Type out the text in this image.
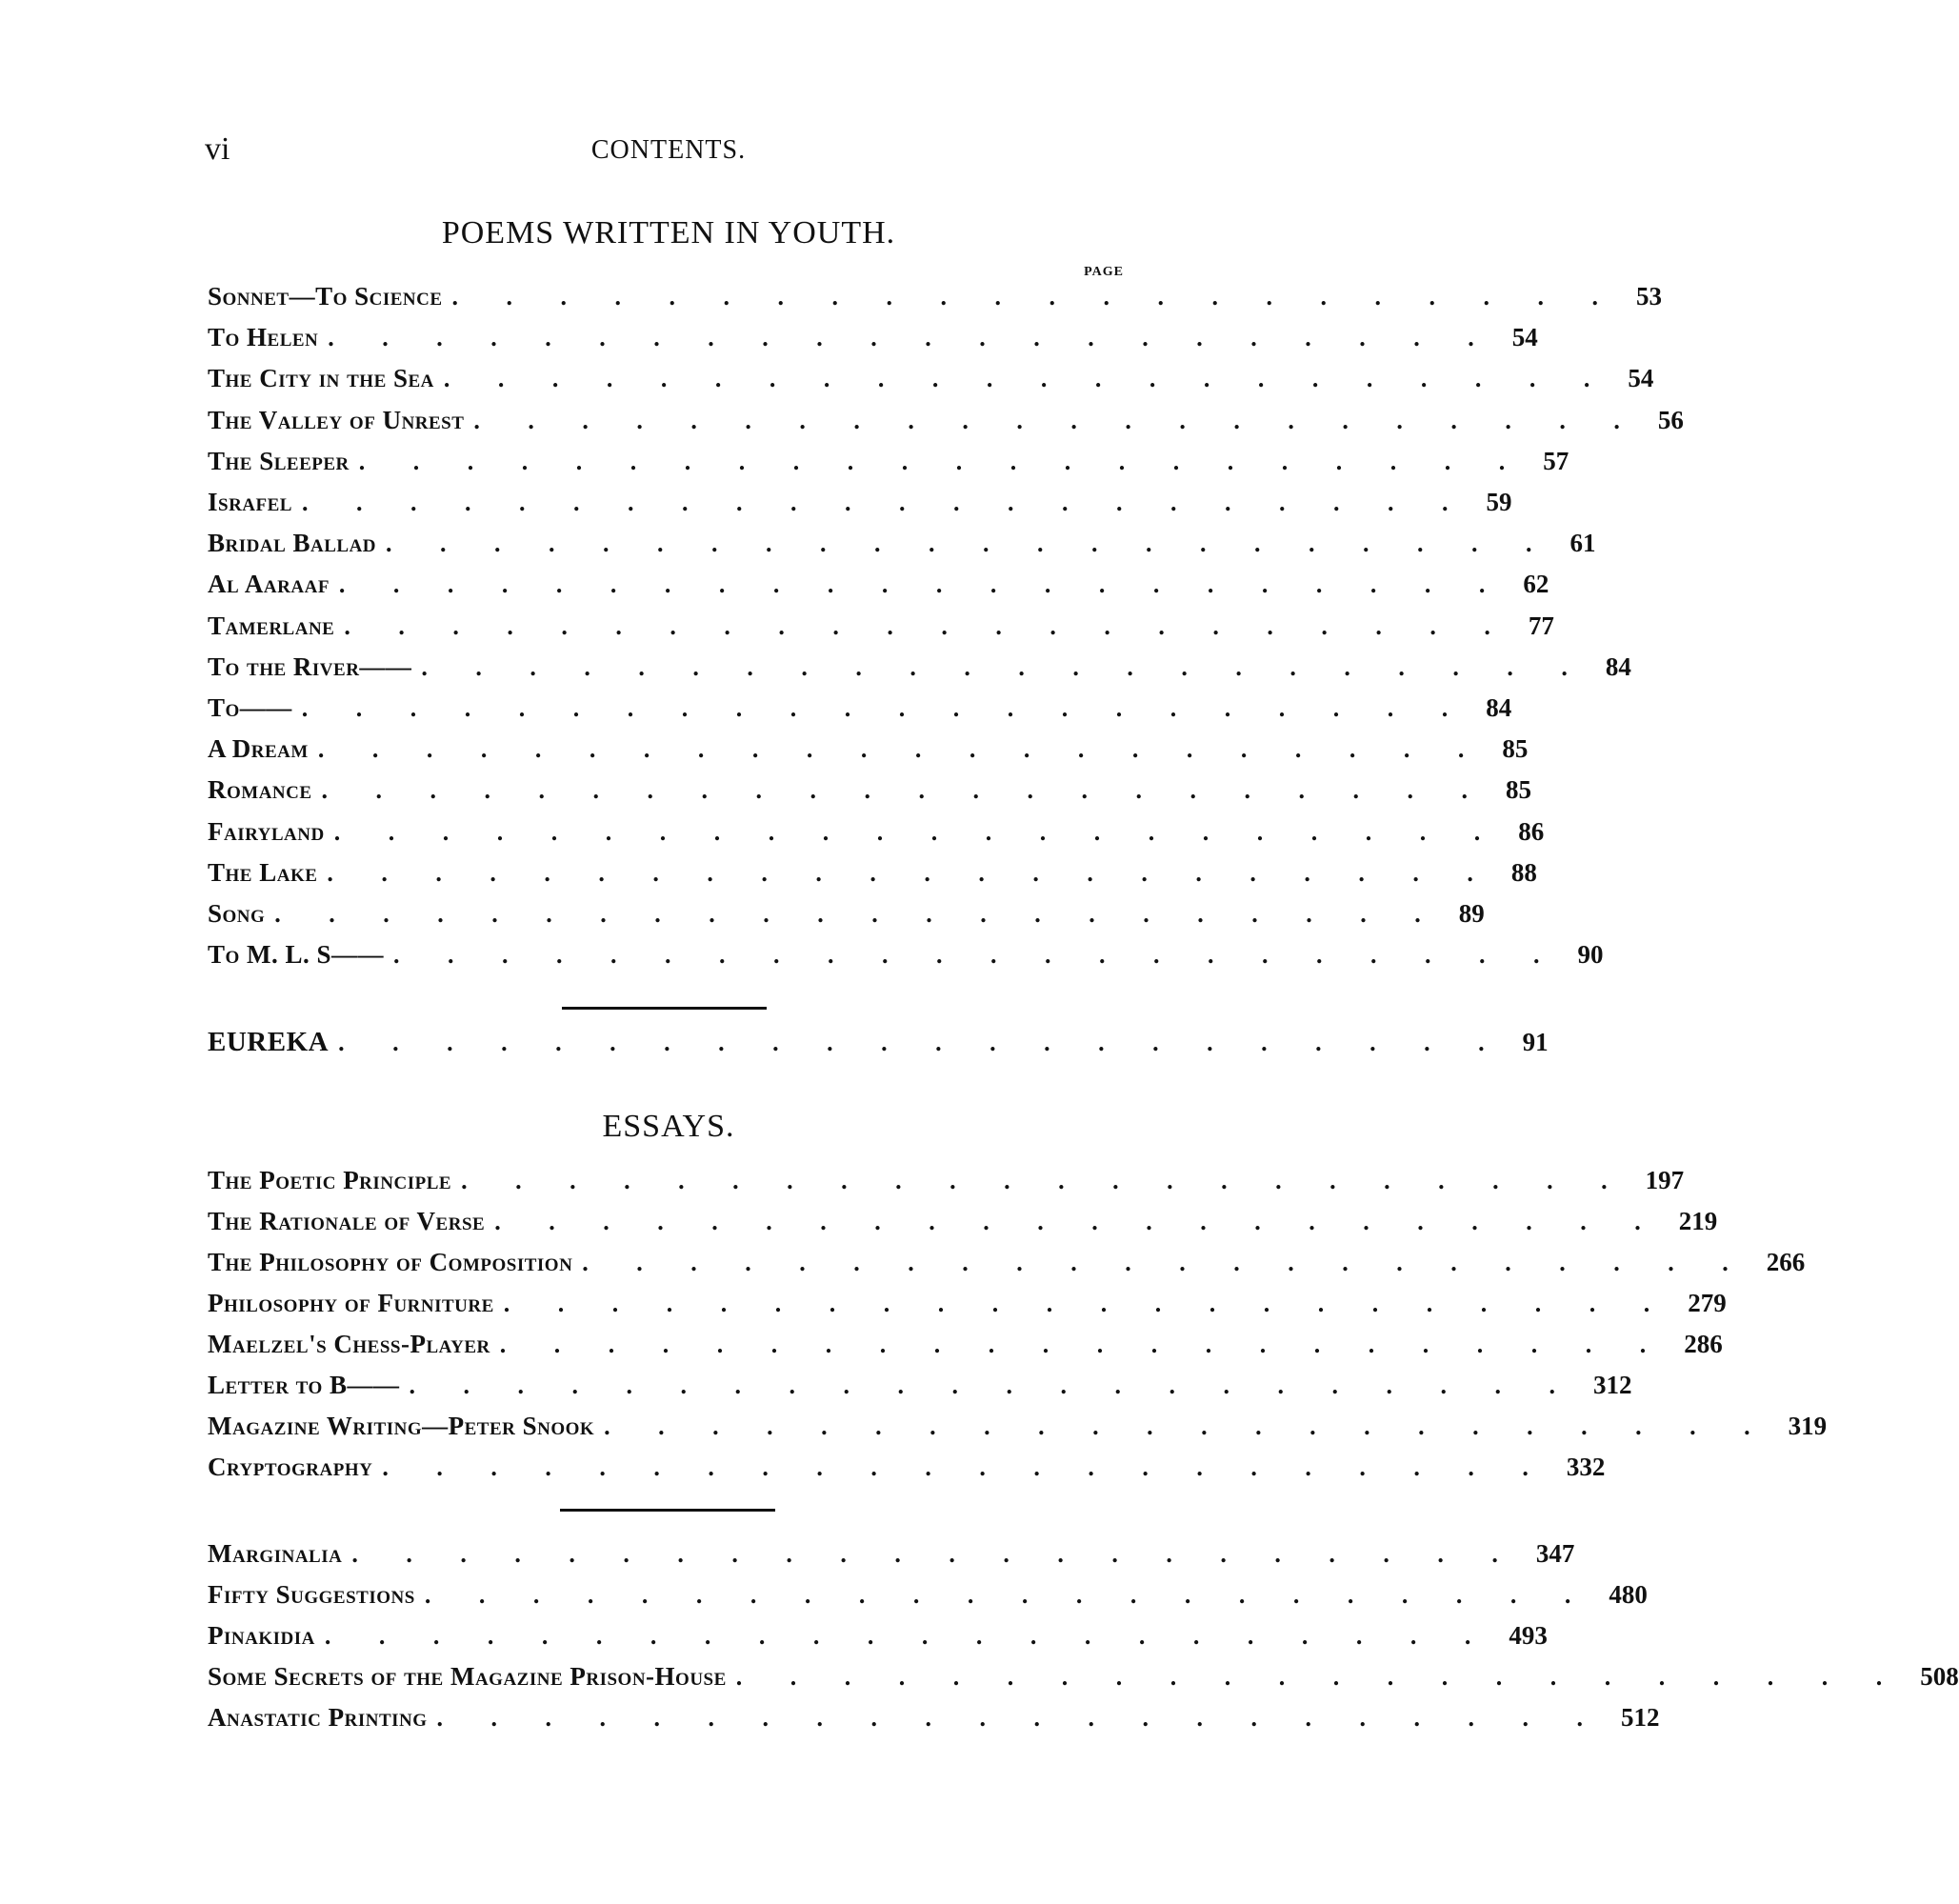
vi	CONTENTS.
POEMS WRITTEN IN YOUTH.
PAGE
Sonnet—To Science . . . . . . . . . . . . . . . . . . . . . . 53
To Helen . . . . . . . . . . . . . . . . . . . . . . 54
The City in the Sea . . . . . . . . . . . . . . . . . . . . . . 54
The Valley of Unrest . . . . . . . . . . . . . . . . . . . . . . 56
The Sleeper . . . . . . . . . . . . . . . . . . . . . . 57
Israfel . . . . . . . . . . . . . . . . . . . . . . 59
Bridal Ballad . . . . . . . . . . . . . . . . . . . . . . 61
Al Aaraaf . . . . . . . . . . . . . . . . . . . . . . 62
Tamerlane . . . . . . . . . . . . . . . . . . . . . . 77
To the River—— . . . . . . . . . . . . . . . . . . . . . . 84
To—— . . . . . . . . . . . . . . . . . . . . . . 84
A Dream . . . . . . . . . . . . . . . . . . . . . . 85
Romance . . . . . . . . . . . . . . . . . . . . . . 85
Fairyland . . . . . . . . . . . . . . . . . . . . . . 86
The Lake . . . . . . . . . . . . . . . . . . . . . . 88
Song . . . . . . . . . . . . . . . . . . . . . . 89
To M. L. S—— . . . . . . . . . . . . . . . . . . . . . . 90
EUREKA . . . . . . . . . . . . . . . . . . . . . . 91
ESSAYS.
The Poetic Principle . . . . . . . . . . . . . . . . . . . . . . 197
The Rationale of Verse . . . . . . . . . . . . . . . . . . . . . . 219
The Philosophy of Composition . . . . . . . . . . . . . . . . . . . . . . 266
Philosophy of Furniture . . . . . . . . . . . . . . . . . . . . . . 279
Maelzel's Chess-Player . . . . . . . . . . . . . . . . . . . . . . 286
Letter to B—— . . . . . . . . . . . . . . . . . . . . . . 312
Magazine Writing—Peter Snook . . . . . . . . . . . . . . . . . . . . . . 319
Cryptography . . . . . . . . . . . . . . . . . . . . . . 332
Marginalia . . . . . . . . . . . . . . . . . . . . . . 347
Fifty Suggestions . . . . . . . . . . . . . . . . . . . . . . 480
Pinakidia . . . . . . . . . . . . . . . . . . . . . . 493
Some Secrets of the Magazine Prison-House . . . . . . . . . . . . . . . . . . . . . . 508
Anastatic Printing . . . . . . . . . . . . . . . . . . . . . . 512
